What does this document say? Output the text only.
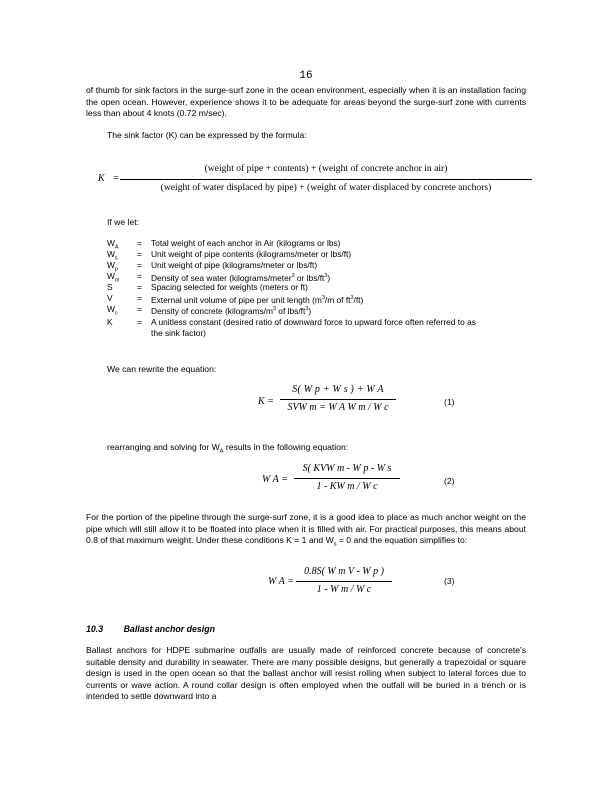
16
of thumb for sink factors in the surge-surf zone in the ocean environment, especially when it is an installation facing the open ocean. However, experience shows it to be adequate for areas beyond the surge-surf zone with currents less than about 4 knots (0.72 m/sec).
The sink factor (K) can be expressed by the formula:
K =
(weight of pipe + contents) + (weight of concrete anchor in air)
(weight of water displaced by pipe) + (weight of water displaced by concrete anchors)
If we let:
$W_A$	= Total weight of each anchor in Air (kilograms or lbs)
$W_s$	= Unit weight of pipe contents (kilograms/meter or lbs/ft)
$W_p$	= Unit weight of pipe (kilograms/meter or lbs/ft)
$W_m$	= Density of sea water (kilograms/meter$^3$ or lbs/$ft^3$)
S	= Spacing selected for weights (meters or ft)
V	= External unit volume of pipe per unit length ($m^3/m$ of $ft^3/ft$)
$W_c$	= Density of concrete ($kilograms/m^3$ of lbs/$ft^3$)
K	= A unitless constant (desired ratio of downward force to upward force often referred to as
the sink factor)
We can rewrite the equation:
K =
S( W p + W s ) + W A
SVW m = W A W m / W c	(1)
rearranging and solving for $W_A$ results in the following equation:
W A =
S( KVW m - W p - W s
1 - KW m / W c	(2)
For the portion of the pipeline through the surge-surf zone, it is a good idea to place as much anchor weight on the pipe which will still allow it to be floated into place when it is filled with air. For practical purposes, this means about 0.8 of that maximum weight. Under these conditions K = 1 and $W_s = 0$ and the equation simplifies to:
W A =
0.8S( W m V - W p )
1 - W m / W c
(3)
10.3 Ballast anchor design
Ballast anchors for HDPE submarine outfalls are usually made of reinforced concrete because of concrete's suitable density and durability in seawater. There are many possible designs, but generally a trapezoidal or square design is used in the open ocean so that the ballast anchor will resist rolling when subject to lateral forces due to currents or wave action. A round collar design is often employed when the outfall will be buried in a trench or is intended to settle downward into a
